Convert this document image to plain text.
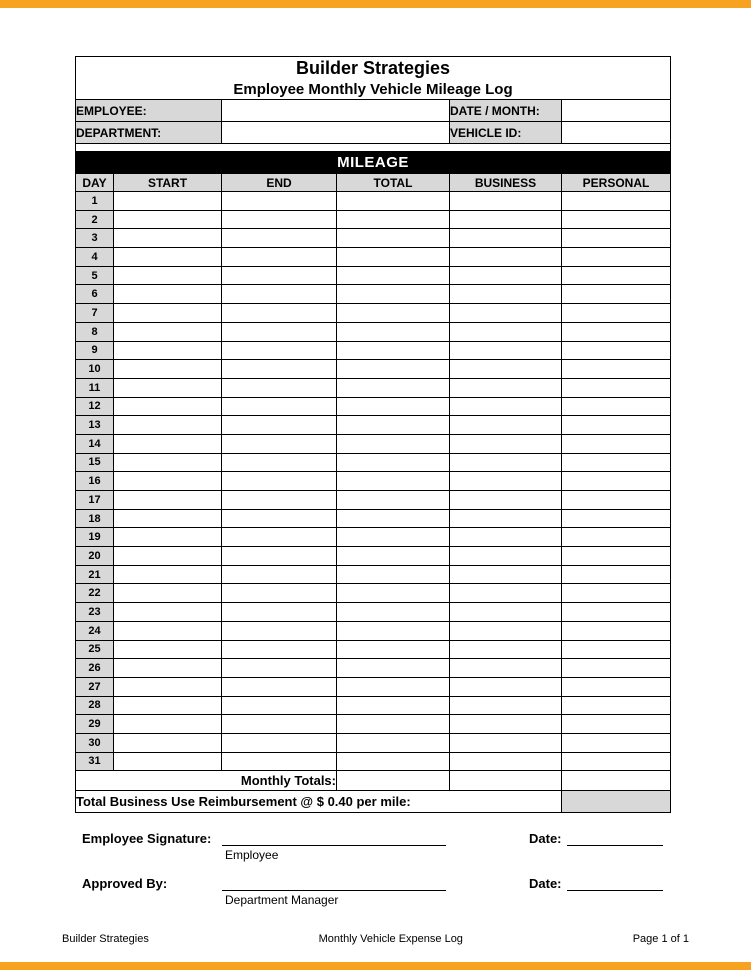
Builder Strategies
Employee Monthly Vehicle Mileage Log					

EMPLOYEE:				DATE / MONTH:	
DEPARTMENT:				VEHICLE ID:	

MILEAGE					
DAY	START	END	TOTAL	BUSINESS	PERSONAL
1					
2					
3					
4					
5					
6					
7					
8					
9					
10					
11					
12					
13					
14					
15					
16					
17					
18					
19					
20					
21					
22					
23					
24					
25					
26					
27					
28					
29					
30					
31					
Monthly Totals:					
Total Business Use Reimbursement @ $ 0.40 per mile:					
Employee Signature:	Date:
Employee
Approved By:	Date:
Department Manager
Builder Strategies	Monthly Vehicle Expense Log	Page 1 of 1
